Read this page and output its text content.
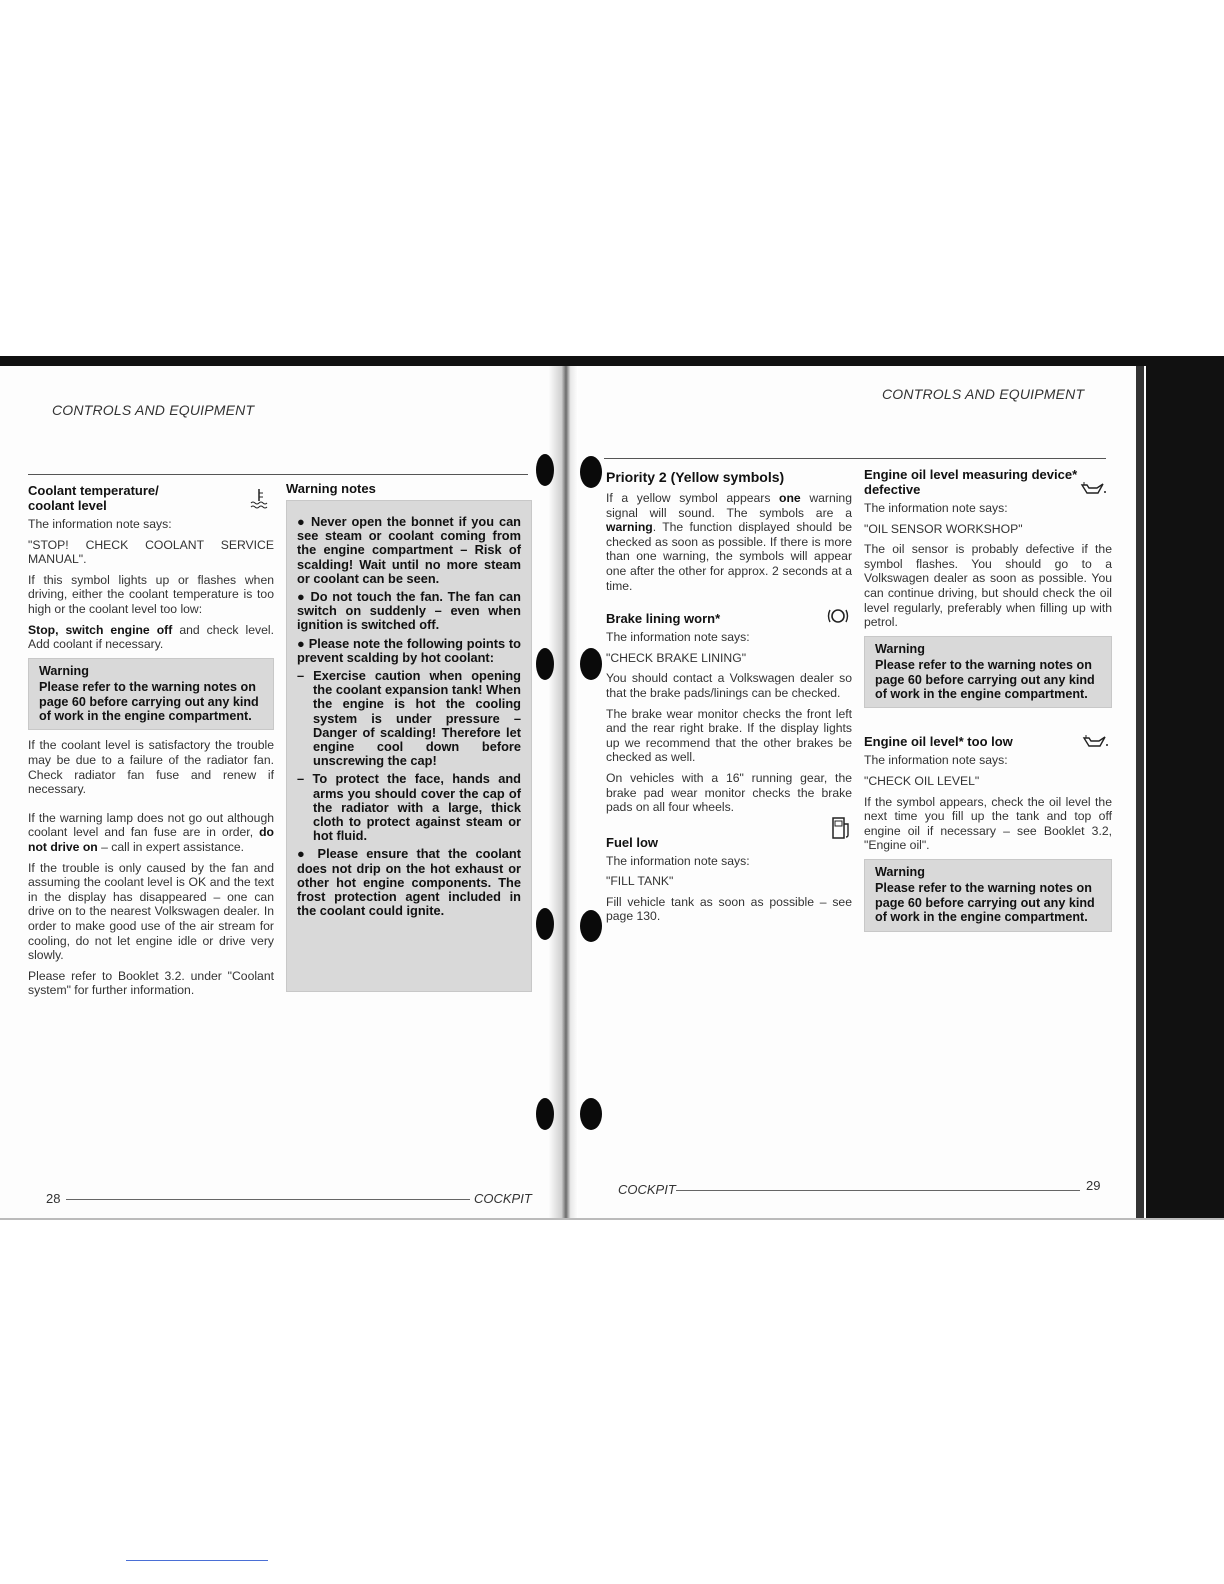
CONTROLS AND EQUIPMENT
Coolant temperature/ coolant level

The information note says:

"STOP! CHECK COOLANT SERVICE MANUAL".

If this symbol lights up or flashes when driving, either the coolant temperature is too high or the coolant level too low:

Stop, switch engine off and check level. Add coolant if necessary.

Warning
Please refer to the warning notes on page 60 before carrying out any kind of work in the engine compartment.

If the coolant level is satisfactory the trouble may be due to a failure of the radiator fan. Check radiator fan fuse and renew if necessary.

If the warning lamp does not go out although coolant level and fan fuse are in order, do not drive on – call in expert assistance.

If the trouble is only caused by the fan and assuming the coolant level is OK and the text in the display has disappeared – one can drive on to the nearest Volkswagen dealer. In order to make good use of the air stream for cooling, do not let engine idle or drive very slowly.

Please refer to Booklet 3.2. under "Coolant system" for further information.

Warning notes

● Never open the bonnet if you can see steam or coolant coming from the engine compartment – Risk of scalding! Wait until no more steam or coolant can be seen.

● Do not touch the fan. The fan can switch on suddenly – even when ignition is switched off.

● Please note the following points to prevent scalding by hot coolant:

– Exercise caution when opening the coolant expansion tank! When the engine is hot the cooling system is under pressure – Danger of scalding! Therefore let engine cool down before unscrewing the cap!

– To protect the face, hands and arms you should cover the cap of the radiator with a large, thick cloth to protect against steam or hot fluid.

● Please ensure that the coolant does not drip on the hot exhaust or other hot engine components. The frost protection agent included in the coolant could ignite.

28	COCKPIT
CONTROLS AND EQUIPMENT
Priority 2 (Yellow symbols)

If a yellow symbol appears one warning signal will sound. The symbols are a warning. The function displayed should be checked as soon as possible. If there is more than one warning, the symbols will appear one after the other for approx. 2 seconds at a time.

Brake lining worn*

The information note says:

"CHECK BRAKE LINING"

You should contact a Volkswagen dealer so that the brake pads/linings can be checked.

The brake wear monitor checks the front left and the rear right brake. If the display lights up we recommend that the other brakes be checked as well.

On vehicles with a 16" running gear, the brake pad wear monitor checks the brake pads on all four wheels.

Fuel low

The information note says:

"FILL TANK"

Fill vehicle tank as soon as possible – see page 130.

Engine oil level measuring device* defective

The information note says:

"OIL SENSOR WORKSHOP"

The oil sensor is probably defective if the symbol flashes. You should go to a Volkswagen dealer as soon as possible. You can continue driving, but should check the oil level regularly, preferably when filling up with petrol.

Warning
Please refer to the warning notes on page 60 before carrying out any kind of work in the engine compartment.
Engine oil level* too low

The information note says:

"CHECK OIL LEVEL"

If the symbol appears, check the oil level the next time you fill up the tank and top off engine oil if necessary – see Booklet 3.2, "Engine oil".

Warning
Please refer to the warning notes on page 60 before carrying out any kind of work in the engine compartment.
COCKPIT	29
